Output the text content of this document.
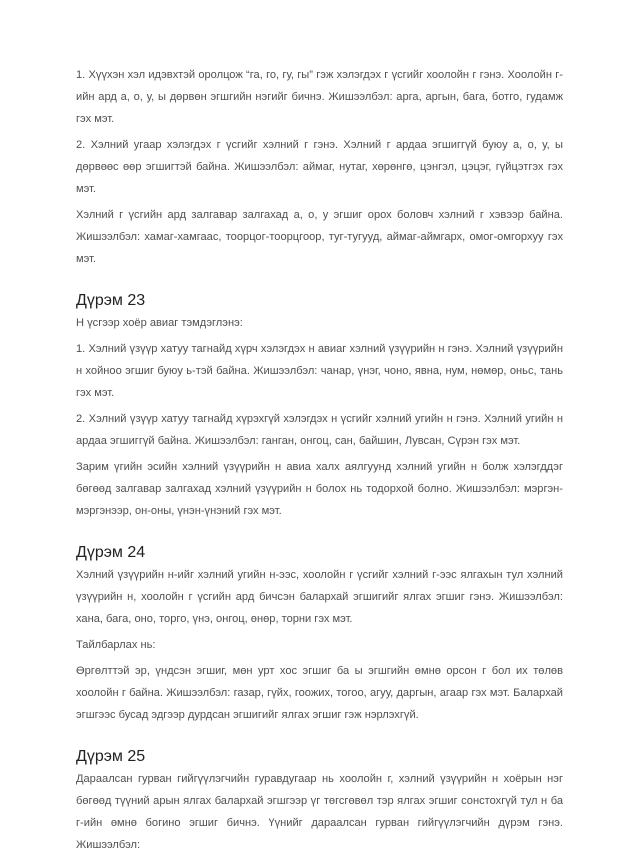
1. Хүүхэн хэл идэвхтэй оролцож “га, го, гу, гы” гэж хэлэгдэх г үсгийг хоолойн г гэнэ. Хоолойн г-ийн ард а, о, у, ы дөрвөн эгшгийн нэгийг бичнэ. Жишээлбэл: арга, аргын, бага, ботго, гудамж гэх мэт.

2. Хэлний угаар хэлэгдэх г үсгийг хэлний г гэнэ. Хэлний г ардаа эгшиггүй буюу а, о, у, ы дөрвөөс өөр эгшигтэй байна. Жишээлбэл: аймаг, нутаг, хөрөнгө, цэнгэл, цэцэг, гүйцэтгэх гэх мэт.

Хэлний г үсгийн ард залгавар залгахад а, о, у эгшиг орох боловч хэлний г хэвээр байна. Жишээлбэл: хамаг-хамгаас, тоорцог-тоорцгоор, туг-тугууд, аймаг-аймгарх, омог-омгорхуу гэх мэт.

Дүрэм 23

Н үсгээр хоёр авиаг тэмдэглэнэ:

1. Хэлний үзүүр хатуу тагнайд хүрч хэлэгдэх н авиаг хэлний үзүүрийн н гэнэ. Хэлний үзүүрийн н хойноо эгшиг буюу ь-тэй байна. Жишээлбэл: чанар, үнэг, чоно, явна, нум, нөмөр, оньс, тань гэх мэт.

2. Хэлний үзүүр хатуу тагнайд хүрэхгүй хэлэгдэх н үсгийг хэлний угийн н гэнэ. Хэлний угийн н ардаа эгшиггүй байна. Жишээлбэл: ганган, онгоц, сан, байшин, Лувсан, Сүрэн гэх мэт.

Зарим үгийн эсийн хэлний үзүүрийн н авиа халх аялгуунд хэлний угийн н болж хэлэгддэг бөгөөд залгавар залгахад хэлний үзүүрийн н болох нь тодорхой болно. Жишээлбэл: мэргэн-мэргэнээр, он-оны, үнэн-үнэний гэх мэт.

Дүрэм 24

Хэлний үзүүрийн н-ийг хэлний угийн н-ээс, хоолойн г үсгийг хэлний г-ээс ялгахын тул хэлний үзүүрийн н, хоолойн г үсгийн ард бичсэн балархай эгшигийг ялгах эгшиг гэнэ. Жишээлбэл: хана, бага, оно, торго, үнэ, онгоц, өнөр, торни гэх мэт.

Тайлбарлах нь:

Өргөлттэй эр, үндсэн эгшиг, мөн урт хос эгшиг ба ы эгшгийн өмнө орсон г бол их төлөв хоолойн г байна. Жишээлбэл: газар, гүйх, гоожих, тогоо, агуу, даргын, агаар гэх мэт. Балархай эгшгээс бусад эдгээр дурдсан эгшигийг ялгах эгшиг гэж нэрлэхгүй.

Дүрэм 25

Дараалсан гурван гийгүүлэгчийн гуравдугаар нь хоолойн г, хэлний үзүүрийн н хоёрын нэг бөгөөд түүний арын ялгах балархай эгшгээр үг төгсгөвөл тэр ялгах эгшиг сонстохгүй тул н ба г-ийн өмнө богино эгшиг бичнэ. Үүнийг дараалсан гурван гийгүүлэгчийн дүрэм гэнэ. Жишээлбэл:
